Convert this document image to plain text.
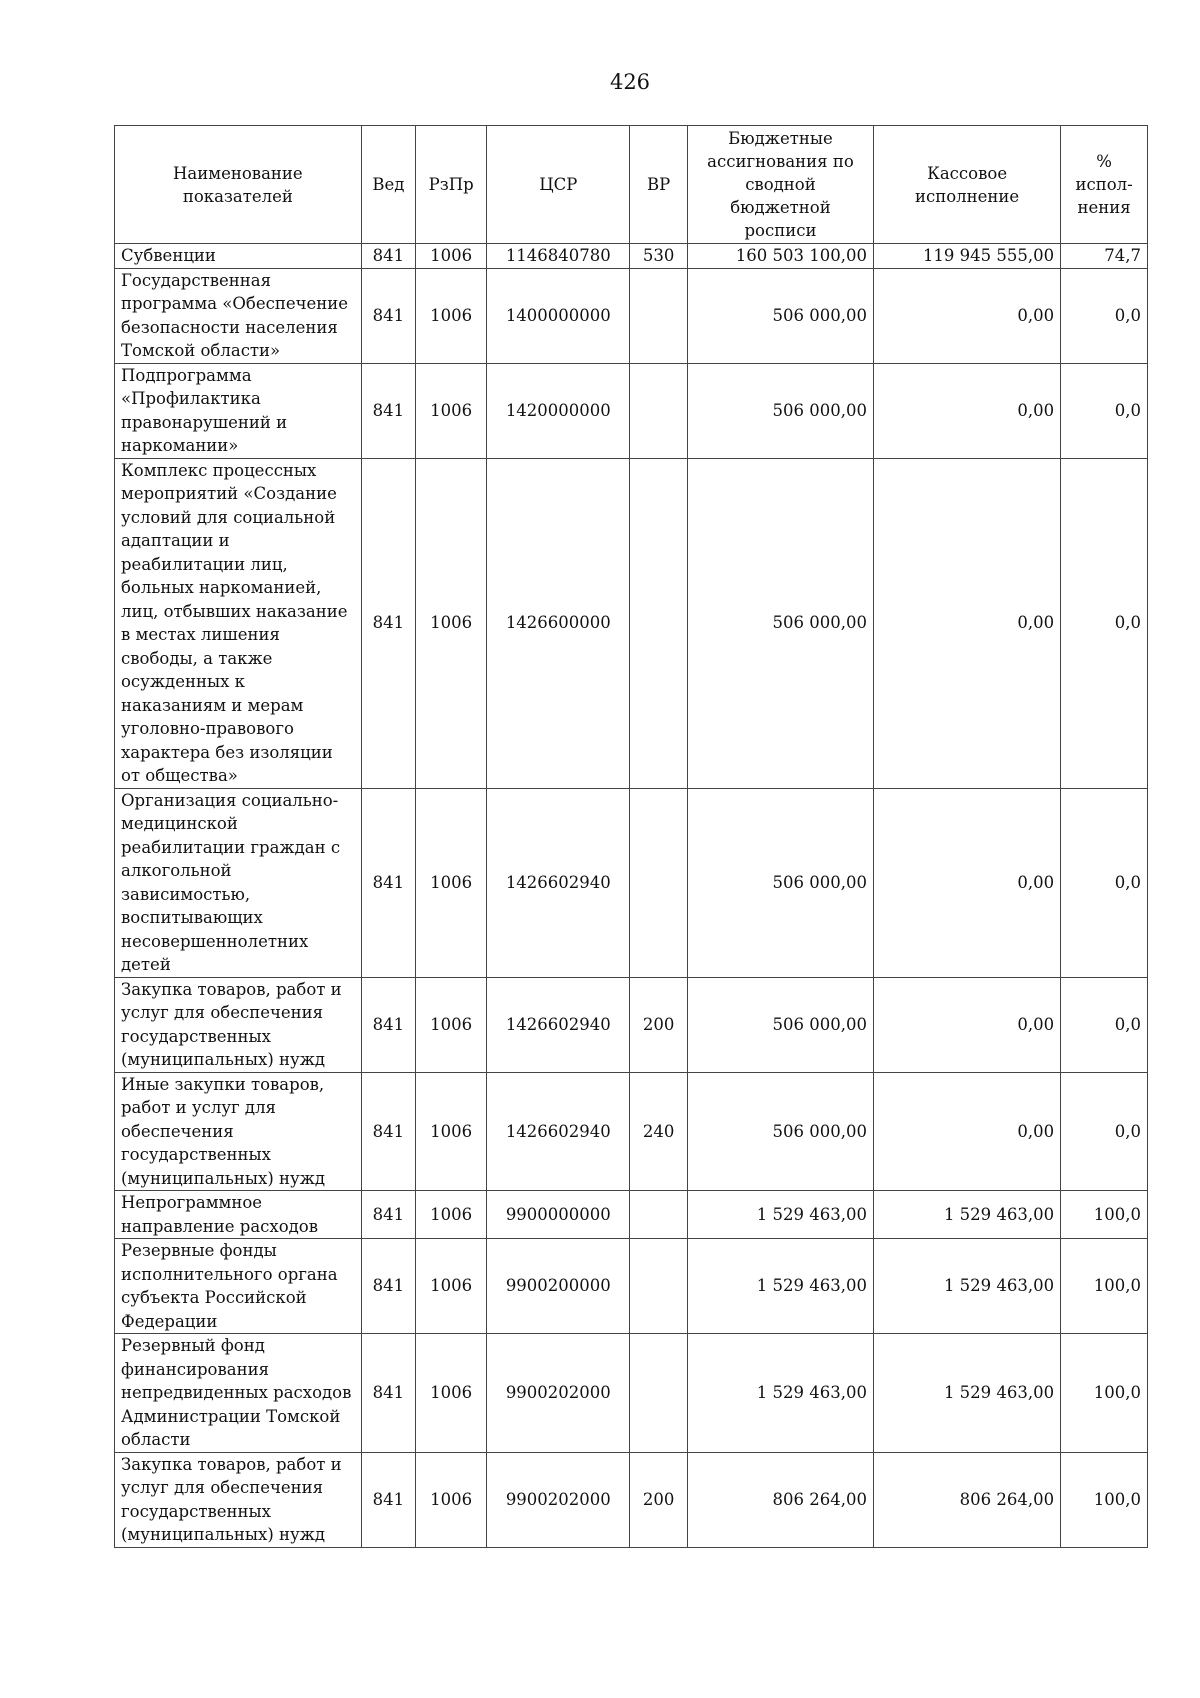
426
Наименование показателей	Вед	РзПр	ЦСР	ВР	Бюджетные ассигнования по сводной бюджетной росписи	Кассовое исполнение	% испол-нения
Субвенции	841	1006	1146840780	530	160 503 100,00	119 945 555,00	74,7
Государственная программа «Обеспечение безопасности населения Томской области»	841	1006	1400000000		506 000,00	0,00	0,0
Подпрограмма «Профилактика правонарушений и наркомании»	841	1006	1420000000		506 000,00	0,00	0,0
Комплекс процессных мероприятий «Создание условий для социальной адаптации и реабилитации лиц, больных наркоманией, лиц, отбывших наказание в местах лишения свободы, а также осужденных к наказаниям и мерам уголовно-правового характера без изоляции от общества»	841	1006	1426600000		506 000,00	0,00	0,0
Организация социально-медицинской реабилитации граждан с алкогольной зависимостью, воспитывающих несовершеннолетних детей	841	1006	1426602940		506 000,00	0,00	0,0
Закупка товаров, работ и услуг для обеспечения государственных (муниципальных) нужд	841	1006	1426602940	200	506 000,00	0,00	0,0
Иные закупки товаров, работ и услуг для обеспечения государственных (муниципальных) нужд	841	1006	1426602940	240	506 000,00	0,00	0,0
Непрограммное направление расходов	841	1006	9900000000		1 529 463,00	1 529 463,00	100,0
Резервные фонды исполнительного органа субъекта Российской Федерации	841	1006	9900200000		1 529 463,00	1 529 463,00	100,0
Резервный фонд финансирования непредвиденных расходов Администрации Томской области	841	1006	9900202000		1 529 463,00	1 529 463,00	100,0
Закупка товаров, работ и услуг для обеспечения государственных (муниципальных) нужд	841	1006	9900202000	200	806 264,00	806 264,00	100,0
